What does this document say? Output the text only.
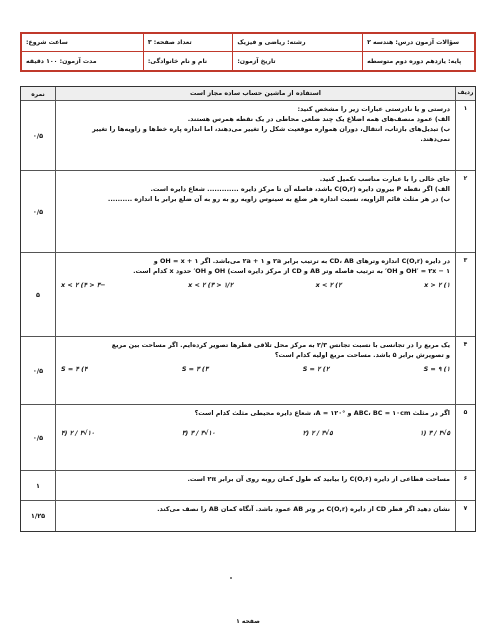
ساعت شروع:	تعداد صفحه: ۳	رشته: ریاضی و فیزیک	سؤالات آزمون درس: هندسه ۲
مدت آزمون: ۱۰۰ دقیقه	نام و نام خانوادگی:	تاریخ آزمون:	پایه: یازدهم دوره دوم متوسطه
ردیف
استفاده از ماشین حساب ساده مجاز است
نمره
۱
درستی و یا نادرستی عبارات زیر را مشخص کنید:
الف) عمود منصف‌های همه اضلاع یک چند ضلعی محاطی در یک نقطه همرس هستند.
ب) تبدیل‌های بازتاب، انتقال، دوران همواره موقعیت شکل را تغییر می‌دهند، اما اندازه پاره خط‌ها و زاویه‌ها را تغییر نمی‌دهند.
۰/۵
۲
جای خالی را با عبارت مناسب تکمیل کنید.
الف) اگر نقطه P بیرون دایره C(O,r) باشد، فاصله آن تا مرکز دایره ............. شعاع دایره است.
ب) در هر مثلث قائم الزاویه، نسبت اندازه هر ضلع به سینوس زاویه رو به رو به آن ضلع برابر با اندازه ..........
۰/۵
۳
در دایره C(O,r) اندازه وترهای CD، AB به ترتیب برابر ۲a و ۱ + ۲a می‌باشد. اگر OH = x + ۱ و
OH′ = ۲x − ۱ و OH′ به ترتیب فاصله وتر AB و CD از مرکز دایره است) OH و OH′ حدود x کدام است.
x > ۲ (۱
x < ۲ (۲
۱/۲ < x < ۲ (۳
−۳ < x < ۲ (۴
۵
۴
یک مربع را در تجانسی با نسبت تجانس ۲/۳ به مرکز محل تلاقی قطرها تصویر کرده‌ایم. اگر مساحت بین مربع
و تصویرش برابر ۵ باشد. مساحت مربع اولیه کدام است؟
S = ۹ (۱
S = ۲ (۲
S = ۳ (۳
S = ۴ (۴
۰/۵
۵
اگر در مثلث ABC، BC = ۱۰cm و A = ۱۲۰°، شعاع دایره محیطی مثلث کدام است؟
۵√۳ / ۳ (۱
۵√۳ / ۲ (۲
۱۰√۳ / ۳ (۳
۱۰√۳ / ۲ (۴
۰/۵
۶
مساحت قطاعی از دایره C(O,۶) را بیابید که طول کمان روبه روی آن برابر ۲π است.
۱
۷
نشان دهید اگر قطر CD از دایره C(O,r) بر وتر AB عمود باشد. آنگاه کمان AB را نصف می‌کند.
۱/۲۵
صفحه ۱
